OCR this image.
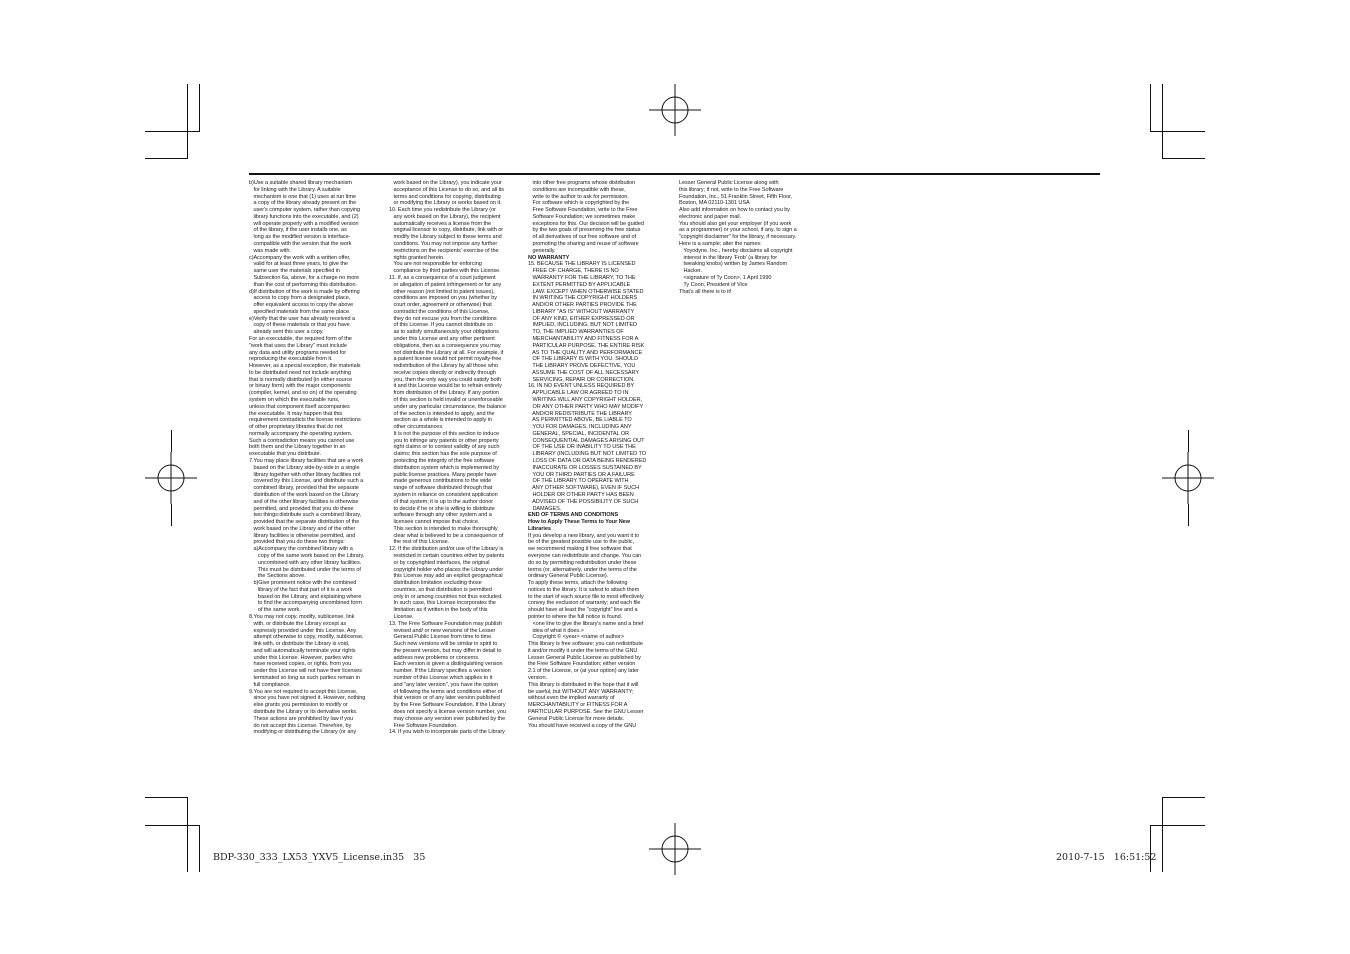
b)Use a suitable shared library mechanism
for linking with the Library. A suitable
mechanism is one that (1) uses at run time
a copy of the library already present on the
user's computer system, rather than copying
library functions into the executable, and (2)
will operate properly with a modified version
of the library, if the user installs one, as
long as the modified version is interface-
compatible with the version that the work
was made with.
c)Accompany the work with a written offer,
valid for at least three years, to give the
same user the materials specified in
Subsection 6a, above, for a charge no more
than the cost of performing this distribution.
d)If distribution of the work is made by offering
access to copy from a designated place,
offer equivalent access to copy the above
specified materials from the same place.
e)Verify that the user has already received a
copy of these materials or that you have
already sent this user a copy.
For an executable, the required form of the
"work that uses the Library" must include
any data and utility programs needed for
reproducing the executable from it.
However, as a special exception, the materials
to be distributed need not include anything
that is normally distributed (in either source
or binary form) with the major components
(compiler, kernel, and so on) of the operating
system on which the executable runs,
unless that component itself accompanies
the executable. It may happen that this
requirement contradicts the license restrictions
of other proprietary libraries that do not
normally accompany the operating system.
Such a contradiction means you cannot use
both them and the Library together in an
executable that you distribute.
7.You may place library facilities that are a work
based on the Library side-by-side in a single
library together with other library facilities not
covered by this License, and distribute such a
combined library, provided that the separate
distribution of the work based on the Library
and of the other library facilities is otherwise
permitted, and provided that you do these
two things:distribute such a combined library,
provided that the separate distribution of the
work based on the Library and of the other
library facilities is otherwise permitted, and
provided that you do these two things:
a)Accompany the combined library with a
copy of the same work based on the Library,
uncombined with any other library facilities.
This must be distributed under the terms of
the Sections above.
b)Give prominent notice with the combined
library of the fact that part of it is a work
based on the Library, and explaining where
to find the accompanying uncombined form
of the same work.
8.You may not copy, modify, sublicense, link
with, or distribute the Library except as
expressly provided under this License. Any
attempt otherwise to copy, modify, sublicense,
link with, or distribute the Library is void,
and will automatically terminate your rights
under this License. However, parties who
have received copies, or rights, from you
under this License will not have their licenses
terminated so long as such parties remain in
full compliance.
9.You are not required to accept this License,
since you have not signed it. However, nothing
else grants you permission to modify or
distribute the Library or its derivative works.
These actions are prohibited by law if you
do not accept this License. Therefore, by
modifying or distributing the Library (or any
work based on the Library), you indicate your
acceptance of this License to do so, and all its
terms and conditions for copying, distributing
or modifying the Library or works based on it.
10. Each time you redistribute the Library (or
any work based on the Library), the recipient
automatically receives a license from the
original licensor to copy, distribute, link with or
modify the Library subject to these terms and
conditions. You may not impose any further
restrictions on the recipients' exercise of the
rights granted herein.
You are not responsible for enforcing
compliance by third parties with this License.
11. If, as a consequence of a court judgment
or allegation of patent infringement or for any
other reason (not limited to patent issues),
conditions are imposed on you (whether by
court order, agreement or otherwise) that
contradict the conditions of this License,
they do not excuse you from the conditions
of this License. If you cannot distribute so
as to satisfy simultaneously your obligations
under this License and any other pertinent
obligations, then as a consequence you may
not distribute the Library at all. For example, if
a patent license would not permit royalty-free
redistribution of the Library by all those who
receive copies directly or indirectly through
you, then the only way you could satisfy both
it and this License would be to refrain entirely
from distribution of the Library. If any portion
of this section is held invalid or unenforceable
under any particular circumstance, the balance
of the section is intended to apply, and the
section as a whole is intended to apply in
other circumstances.
It is not the purpose of this section to induce
you to infringe any patents or other property
right claims or to contest validity of any such
claims; this section has the sole purpose of
protecting the integrity of the free software
distribution system which is implemented by
public license practices. Many people have
made generous contributions to the wide
range of software distributed through that
system in reliance on consistent application
of that system; it is up to the author donor
to decide if he or she is willing to distribute
software through any other system and a
licensee cannot impose that choice.
This section is intended to make thoroughly
clear what is believed to be a consequence of
the rest of this License.
12. If the distribution and/or use of the Library is
restricted in certain countries either by patents
or by copyrighted interfaces, the original
copyright holder who places the Library under
this License may add an explicit geographical
distribution limitation excluding those
countries, so that distribution is permitted
only in or among countries not thus excluded.
In such case, this License incorporates the
limitation as if written in the body of this
License.
13. The Free Software Foundation may publish
revised and/ or new versions of the Lesser
General Public License from time to time.
Such new versions will be similar in spirit to
the present version, but may differ in detail to
address new problems or concerns.
Each version is given a distinguishing version
number. If the Library specifies a version
number of this License which applies to it
and "any later version", you have the option
of following the terms and conditions either of
that version or of any later version published
by the Free Software Foundation. If the Library
does not specify a license version number, you
may choose any version ever published by the
Free Software Foundation.
14. If you wish to incorporate parts of the Library
into other free programs whose distribution
conditions are incompatible with these,
write to the author to ask for permission.
For software which is copyrighted by the
Free Software Foundation, write to the Free
Software Foundation; we sometimes make
exceptions for this. Our decision will be guided
by the two goals of preserving the free status
of all derivatives of our free software and of
promoting the sharing and reuse of software
generally.
NO WARRANTY
15. BECAUSE THE LIBRARY IS LICENSED
FREE OF CHARGE, THERE IS NO
WARRANTY FOR THE LIBRARY, TO THE
EXTENT PERMITTED BY APPLICABLE
LAW. EXCEPT WHEN OTHERWISE STATED
IN WRITING THE COPYRIGHT HOLDERS
AND/OR OTHER PARTIES PROVIDE THE
LIBRARY "AS IS" WITHOUT WARRANTY
OF ANY KIND, EITHER EXPRESSED OR
IMPLIED, INCLUDING, BUT NOT LIMITED
TO, THE IMPLIED WARRANTIES OF
MERCHANTABILITY AND FITNESS FOR A
PARTICULAR PURPOSE. THE ENTIRE RISK
AS TO THE QUALITY AND PERFORMANCE
OF THE LIBRARY IS WITH YOU. SHOULD
THE LIBRARY PROVE DEFECTIVE, YOU
ASSUME THE COST OF ALL NECESSARY
SERVICING, REPAIR OR CORRECTION.
16. IN NO EVENT UNLESS REQUIRED BY
APPLICABLE LAW OR AGREED TO IN
WRITING WILL ANY COPYRIGHT HOLDER,
OR ANY OTHER PARTY WHO MAY MODIFY
AND/OR REDISTRIBUTE THE LIBRARY
AS PERMITTED ABOVE, BE LIABLE TO
YOU FOR DAMAGES, INCLUDING ANY
GENERAL, SPECIAL, INCIDENTAL OR
CONSEQUENTIAL DAMAGES ARISING OUT
OF THE USE OR INABILITY TO USE THE
LIBRARY (INCLUDING BUT NOT LIMITED TO
LOSS OF DATA OR DATA BEING RENDERED
INACCURATE OR LOSSES SUSTAINED BY
YOU OR THIRD PARTIES OR A FAILURE
OF THE LIBRARY TO OPERATE WITH
ANY OTHER SOFTWARE), EVEN IF SUCH
HOLDER OR OTHER PARTY HAS BEEN
ADVISED OF THE POSSIBILITY OF SUCH
DAMAGES.
END OF TERMS AND CONDITIONS
How to Apply These Terms to Your New
Libraries
If you develop a new library, and you want it to
be of the greatest possible use to the public,
we recommend making it free software that
everyone can redistribute and change. You can
do so by permitting redistribution under these
terms (or, alternatively, under the terms of the
ordinary General Public License).
To apply these terms, attach the following
notices to the library. It is safest to attach them
to the start of each source file to most effectively
convey the exclusion of warranty; and each file
should have at least the "copyright" line and a
pointer to where the full notice is found.
<one line to give the library's name and a brief
idea of what it does.>
Copyright © <year> <name of author>
This library is free software; you can redistribute
it and/or modify it under the terms of the GNU
Lesser General Public License as published by
the Free Software Foundation; either version
2.1 of the License, or (at your option) any later
version.
This library is distributed in the hope that it will
be useful, but WITHOUT ANY WARRANTY;
without even the implied warranty of
MERCHANTABILITY or FITNESS FOR A
PARTICULAR PURPOSE. See the GNU Lesser
General Public License for more details.
You should have received a copy of the GNU
Lesser General Public License along with
this library; if not, write to the Free Software
Foundation, Inc., 51 Franklin Street, Fifth Floor,
Boston, MA 02110-1301 USA
Also add information on how to contact you by
electronic and paper mail.
You should also get your employer (if you work
as a programmer) or your school, if any, to sign a
"copyright disclaimer" for the library, if necessary.
Here is a sample; alter the names:
Yoyodyne, Inc., hereby disclaims all copyright
interest in the library 'Frob' (a library for
tweaking knobs) written by James Random
Hacker.
<signature of Ty Coon>, 1 April 1990
Ty Coon, President of Vice
That's all there is to it!
BDP-330_333_LX53_YXV5_License.in35   35	2010-7-15   16:51:52
